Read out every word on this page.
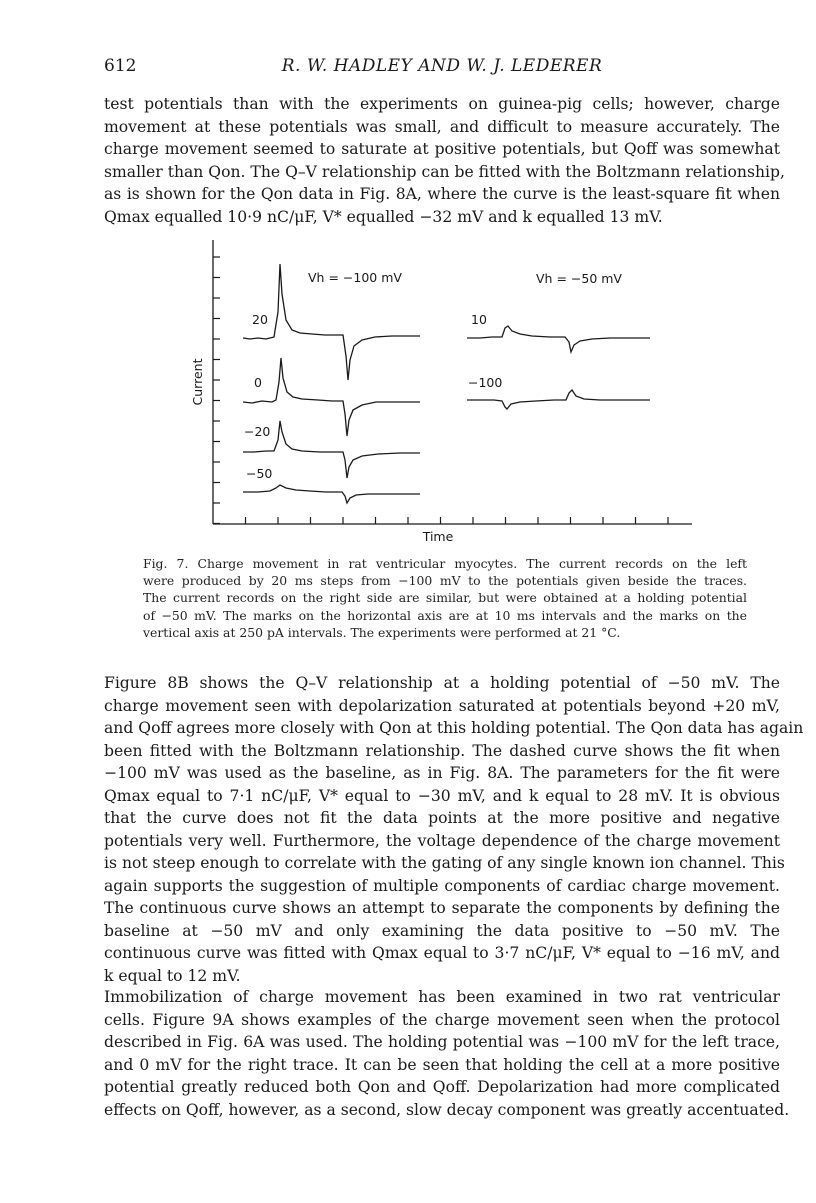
612	R. W. HADLEY AND W. J. LEDERER

test potentials than with the experiments on guinea-pig cells; however, charge
movement at these potentials was small, and difficult to measure accurately. The
charge movement seemed to saturate at positive potentials, but Qoff was somewhat
smaller than Qon. The Q–V relationship can be fitted with the Boltzmann relationship,
as is shown for the Qon data in Fig. 8A, where the curve is the least-square fit when
Qmax equalled 10·9 nC/μF, V* equalled −32 mV and k equalled 13 mV.

Current
Time
Vh = −100 mV	Vh = −50 mV
20
0
−20
−50
10
−100

Fig. 7. Charge movement in rat ventricular myocytes. The current records on the left
were produced by 20 ms steps from −100 mV to the potentials given beside the traces.
The current records on the right side are similar, but were obtained at a holding potential
of −50 mV. The marks on the horizontal axis are at 10 ms intervals and the marks on the
vertical axis at 250 pA intervals. The experiments were performed at 21 °C.

Figure 8B shows the Q–V relationship at a holding potential of −50 mV. The
charge movement seen with depolarization saturated at potentials beyond +20 mV,
and Qoff agrees more closely with Qon at this holding potential. The Qon data has again
been fitted with the Boltzmann relationship. The dashed curve shows the fit when
−100 mV was used as the baseline, as in Fig. 8A. The parameters for the fit were
Qmax equal to 7·1 nC/μF, V* equal to −30 mV, and k equal to 28 mV. It is obvious
that the curve does not fit the data points at the more positive and negative
potentials very well. Furthermore, the voltage dependence of the charge movement
is not steep enough to correlate with the gating of any single known ion channel. This
again supports the suggestion of multiple components of cardiac charge movement.
The continuous curve shows an attempt to separate the components by defining the
baseline at −50 mV and only examining the data positive to −50 mV. The
continuous curve was fitted with Qmax equal to 3·7 nC/μF, V* equal to −16 mV, and
k equal to 12 mV.

Immobilization of charge movement has been examined in two rat ventricular
cells. Figure 9A shows examples of the charge movement seen when the protocol
described in Fig. 6A was used. The holding potential was −100 mV for the left trace,
and 0 mV for the right trace. It can be seen that holding the cell at a more positive
potential greatly reduced both Qon and Qoff. Depolarization had more complicated
effects on Qoff, however, as a second, slow decay component was greatly accentuated.
